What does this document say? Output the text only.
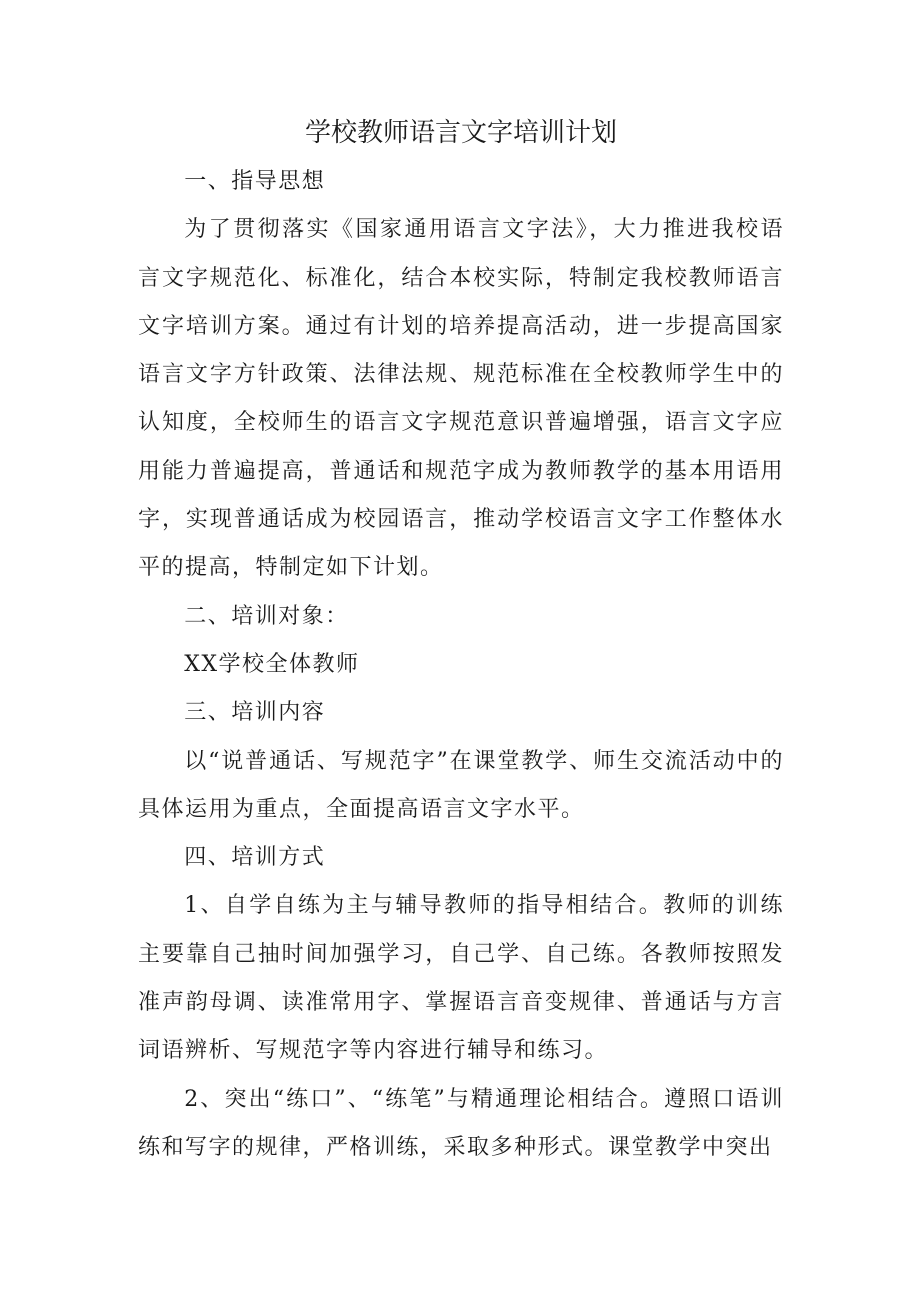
学校教师语言文字培训计划

一、指导思想

为了贯彻落实《国家通用语言文字法》，大力推进我校语言文字规范化、标准化，结合本校实际，特制定我校教师语言文字培训方案。通过有计划的培养提高活动，进一步提高国家语言文字方针政策、法律法规、规范标准在全校教师学生中的认知度，全校师生的语言文字规范意识普遍增强，语言文字应用能力普遍提高，普通话和规范字成为教师教学的基本用语用字，实现普通话成为校园语言，推动学校语言文字工作整体水平的提高，特制定如下计划。

二、培训对象：

XX学校全体教师

三、培训内容

以“说普通话、写规范字”在课堂教学、师生交流活动中的具体运用为重点，全面提高语言文字水平。

四、培训方式

1、自学自练为主与辅导教师的指导相结合。教师的训练主要靠自己抽时间加强学习，自己学、自己练。各教师按照发准声韵母调、读准常用字、掌握语言音变规律、普通话与方言词语辨析、写规范字等内容进行辅导和练习。

2、突出“练口”、“练笔”与精通理论相结合。遵照口语训练和写字的规律，严格训练，采取多种形式。课堂教学中突出
